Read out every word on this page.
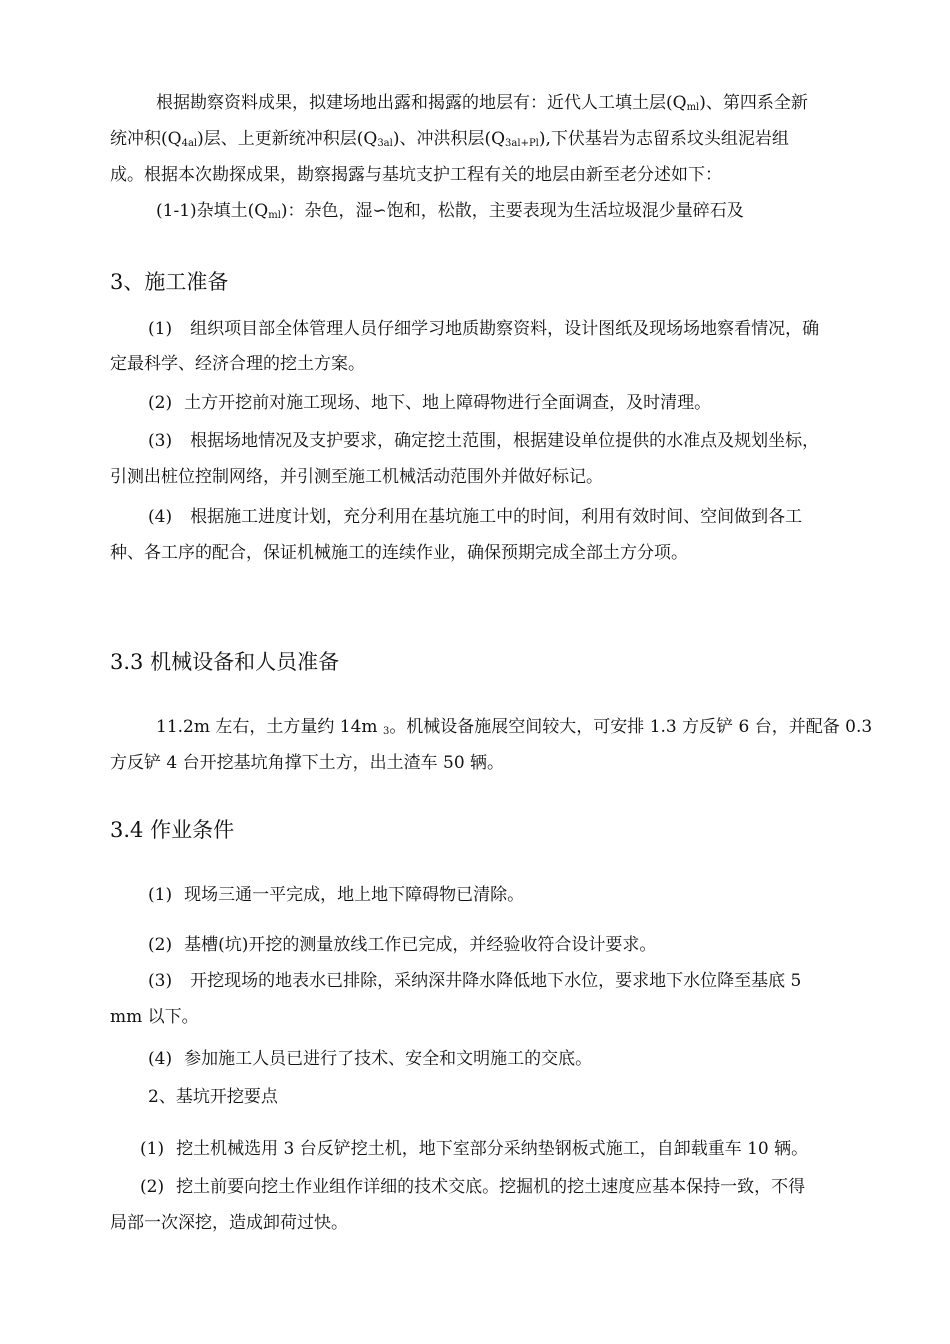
根据勘察资料成果，拟建场地出露和揭露的地层有：近代人工填土层$(Q_{ml})$、第四系全新
统冲积$(Q_{4al})$层、上更新统冲积层$(Q_{3al})$、冲洪积层$(Q_{3al+Pl})$,下伏基岩为志留系坟头组泥岩组
成。根据本次勘探成果，勘察揭露与基坑支护工程有关的地层由新至老分述如下：
(1-1)杂填土$(Q_{ml})$：杂色，湿∽饱和，松散，主要表现为生活垃圾混少量碎石及
3、施工准备
(1) 组织项目部全体管理人员仔细学习地质勘察资料，设计图纸及现场场地察看情况，确
定最科学、经济合理的挖土方案。
(2) 土方开挖前对施工现场、地下、地上障碍物进行全面调查，及时清理。
(3) 根据场地情况及支护要求，确定挖土范围，根据建设单位提供的水准点及规划坐标，
引测出桩位控制网络，并引测至施工机械活动范围外并做好标记。
(4) 根据施工进度计划，充分利用在基坑施工中的时间，利用有效时间、空间做到各工
种、各工序的配合，保证机械施工的连续作业，确保预期完成全部土方分项。
3.3 机械设备和人员准备
11.2m 左右，土方量约 14m $^3$。机械设备施展空间较大，可安排 1.3 方反铲 6 台，并配备 0.3
方反铲 4 台开挖基坑角撑下土方，出土渣车 50 辆。
3.4 作业条件
(1) 现场三通一平完成，地上地下障碍物已清除。
(2) 基槽(坑)开挖的测量放线工作已完成，并经验收符合设计要求。
(3) 开挖现场的地表水已排除，采纳深井降水降低地下水位，要求地下水位降至基底 5
mm 以下。
(4) 参加施工人员已进行了技术、安全和文明施工的交底。
2、基坑开挖要点
(1) 挖土机械选用 3 台反铲挖土机，地下室部分采纳垫钢板式施工，自卸载重车 10 辆。
(2) 挖土前要向挖土作业组作详细的技术交底。挖掘机的挖土速度应基本保持一致，不得
局部一次深挖，造成卸荷过快。
